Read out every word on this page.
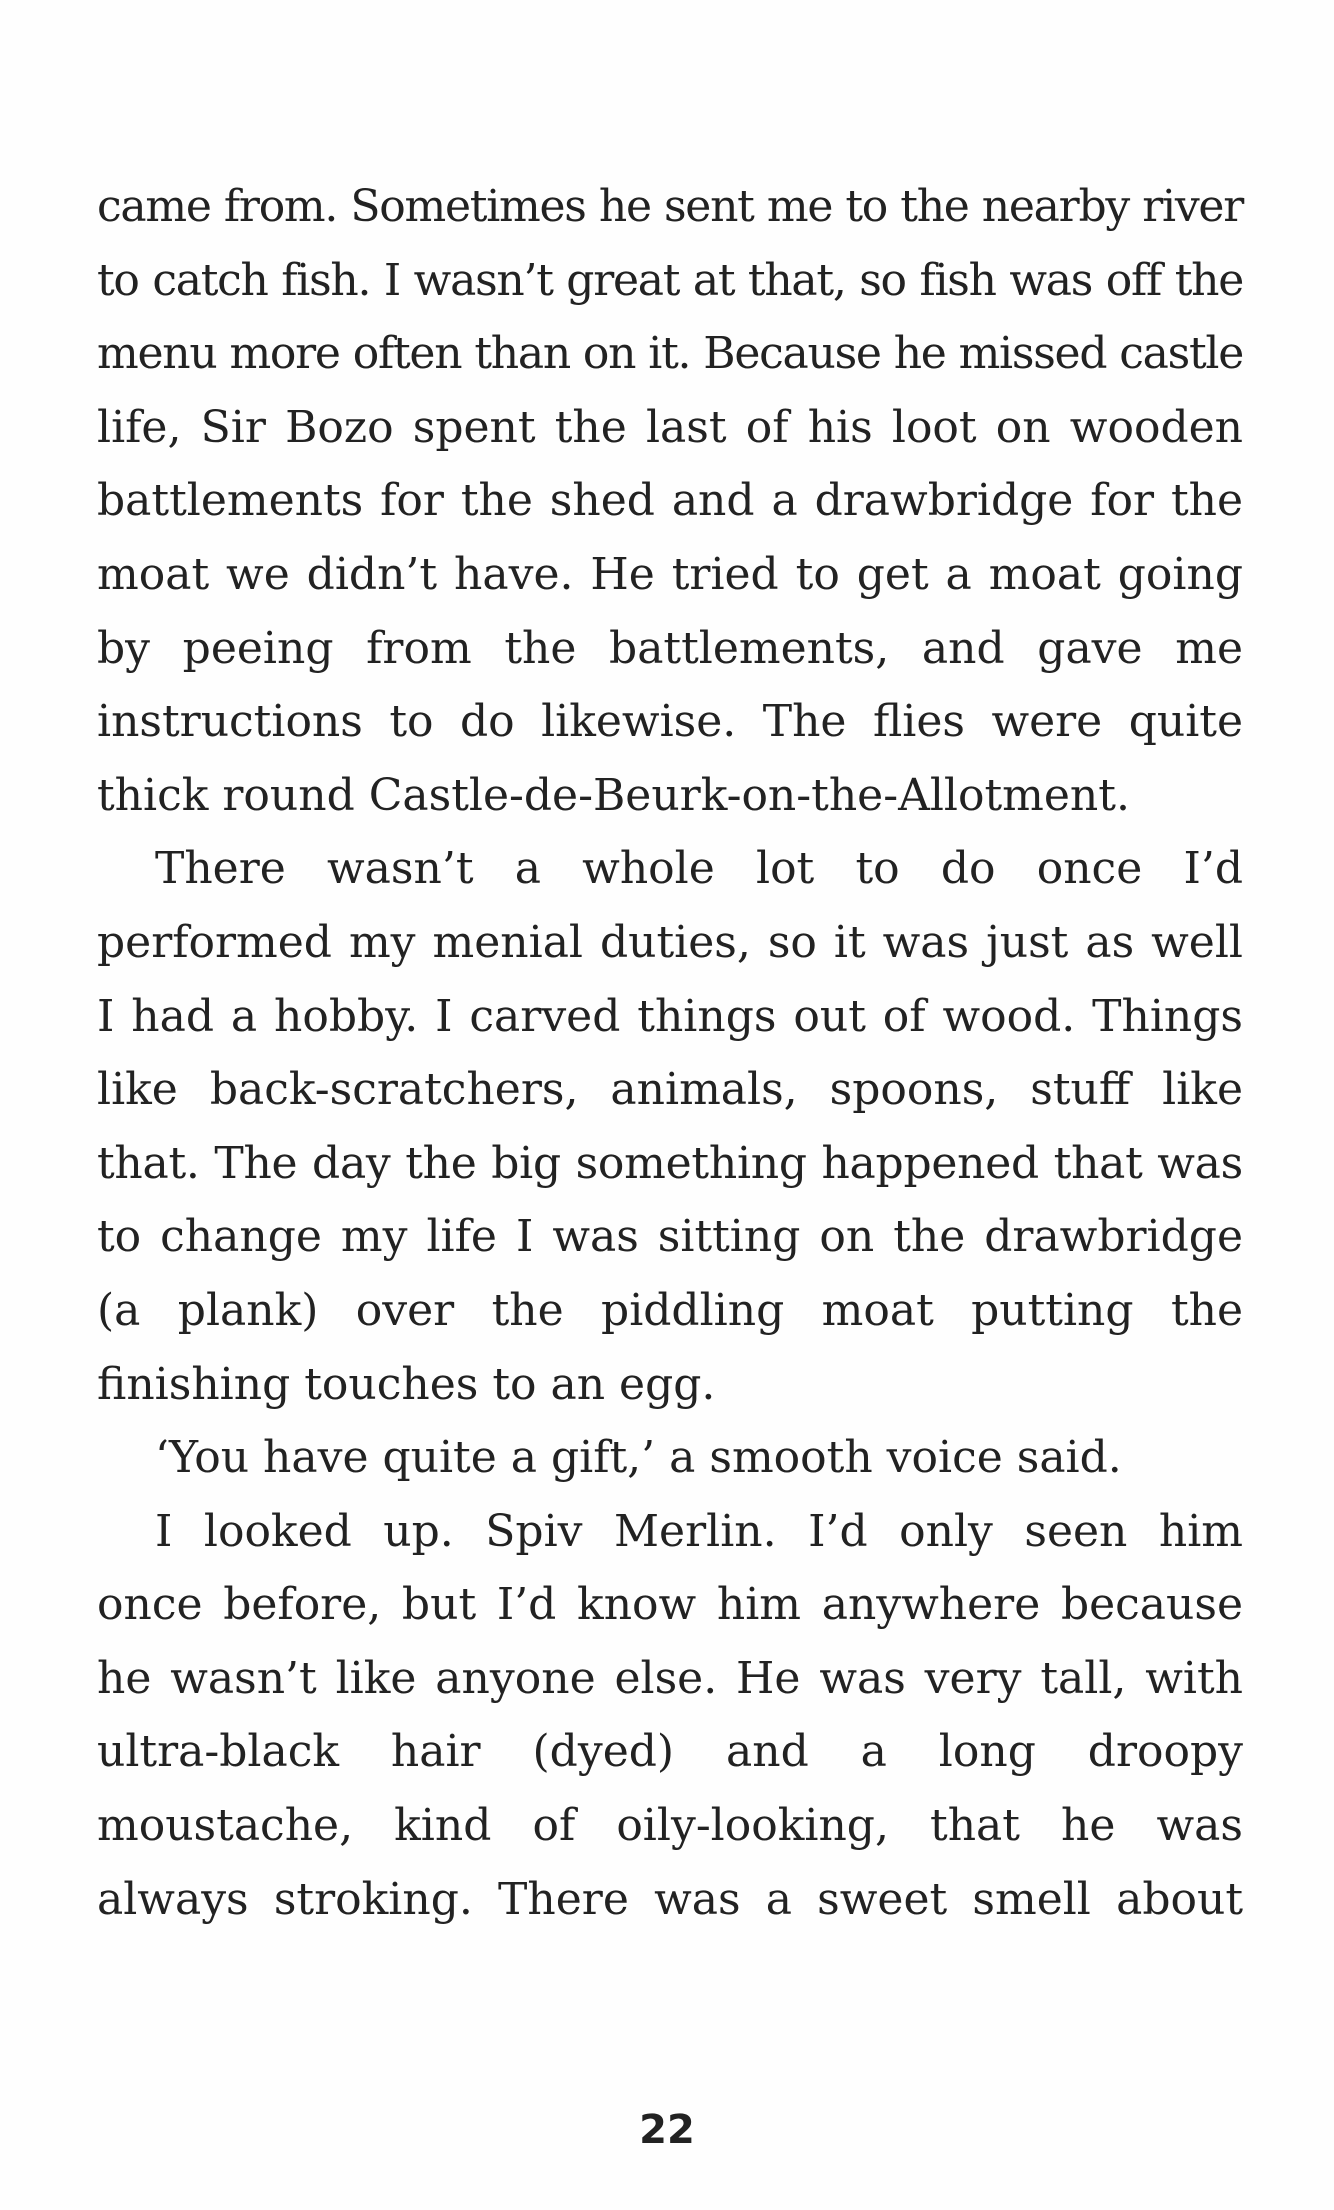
came from. Sometimes he sent me to the nearby river
to catch fish. I wasn’t great at that, so fish was off the
menu more often than on it. Because he missed castle
life, Sir Bozo spent the last of his loot on wooden
battlements for the shed and a drawbridge for the
moat we didn’t have. He tried to get a moat going
by peeing from the battlements, and gave me
instructions to do likewise. The flies were quite
thick round Castle-de-Beurk-on-the-Allotment.
There wasn’t a whole lot to do once I’d
performed my menial duties, so it was just as well
I had a hobby. I carved things out of wood. Things
like back-scratchers, animals, spoons, stuff like
that. The day the big something happened that was
to change my life I was sitting on the drawbridge
(a plank) over the piddling moat putting the
finishing touches to an egg.
‘You have quite a gift,’ a smooth voice said.
I looked up. Spiv Merlin. I’d only seen him
once before, but I’d know him anywhere because
he wasn’t like anyone else. He was very tall, with
ultra-black hair (dyed) and a long droopy
moustache, kind of oily-looking, that he was
always stroking. There was a sweet smell about
22
